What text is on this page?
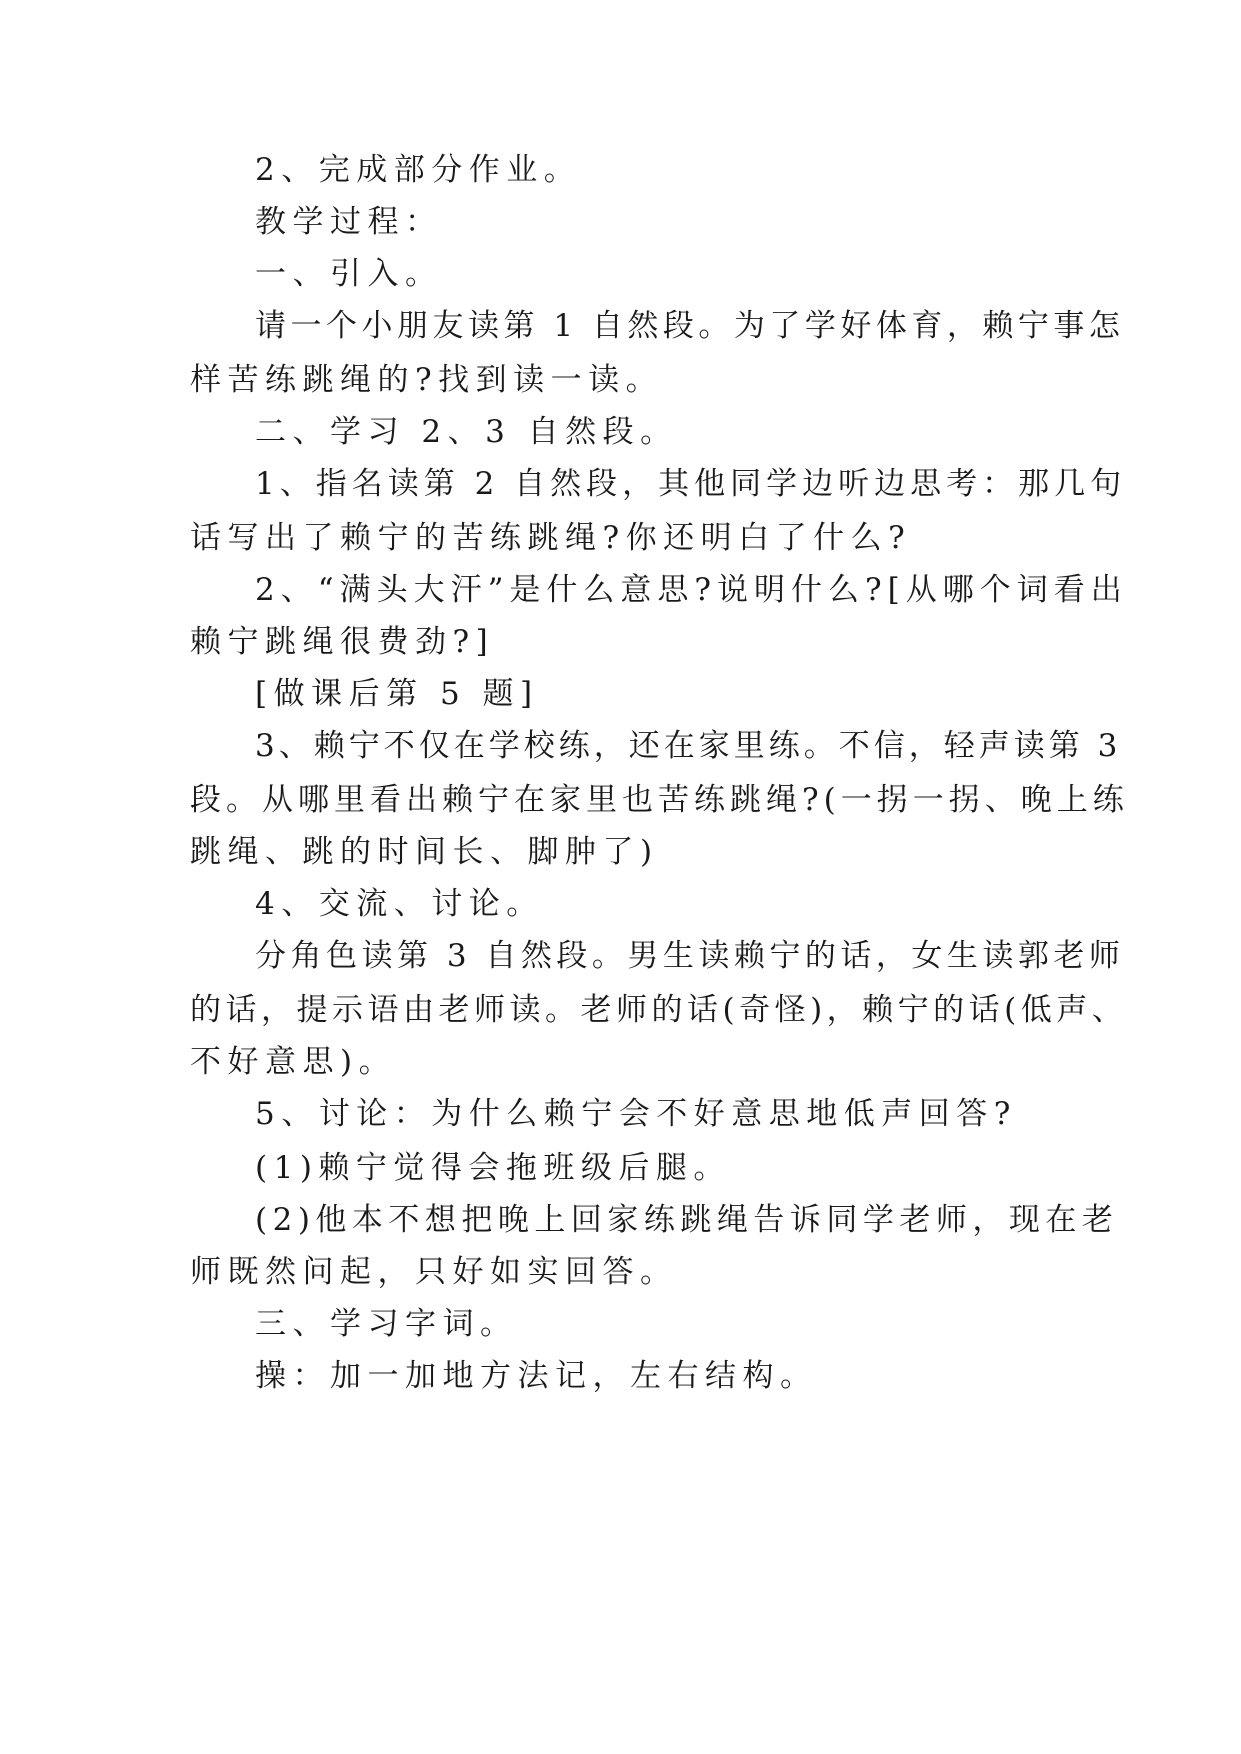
2、完成部分作业。
教学过程：
一、引入。
请一个小朋友读第 1 自然段。为了学好体育，赖宁事怎
样苦练跳绳的?找到读一读。
二、学习 2、3 自然段。
1、指名读第 2 自然段，其他同学边听边思考：那几句
话写出了赖宁的苦练跳绳?你还明白了什么?
2、“满头大汗”是什么意思?说明什么?[从哪个词看出
赖宁跳绳很费劲?]
[做课后第 5 题]
3、赖宁不仅在学校练，还在家里练。不信，轻声读第 3
段。从哪里看出赖宁在家里也苦练跳绳?(一拐一拐、晚上练
跳绳、跳的时间长、脚肿了)
4、交流、讨论。
分角色读第 3 自然段。男生读赖宁的话，女生读郭老师
的话，提示语由老师读。老师的话(奇怪)，赖宁的话(低声、
不好意思)。
5、讨论：为什么赖宁会不好意思地低声回答?
(1)赖宁觉得会拖班级后腿。
(2)他本不想把晚上回家练跳绳告诉同学老师，现在老
师既然问起，只好如实回答。
三、学习字词。
操：加一加地方法记，左右结构。
